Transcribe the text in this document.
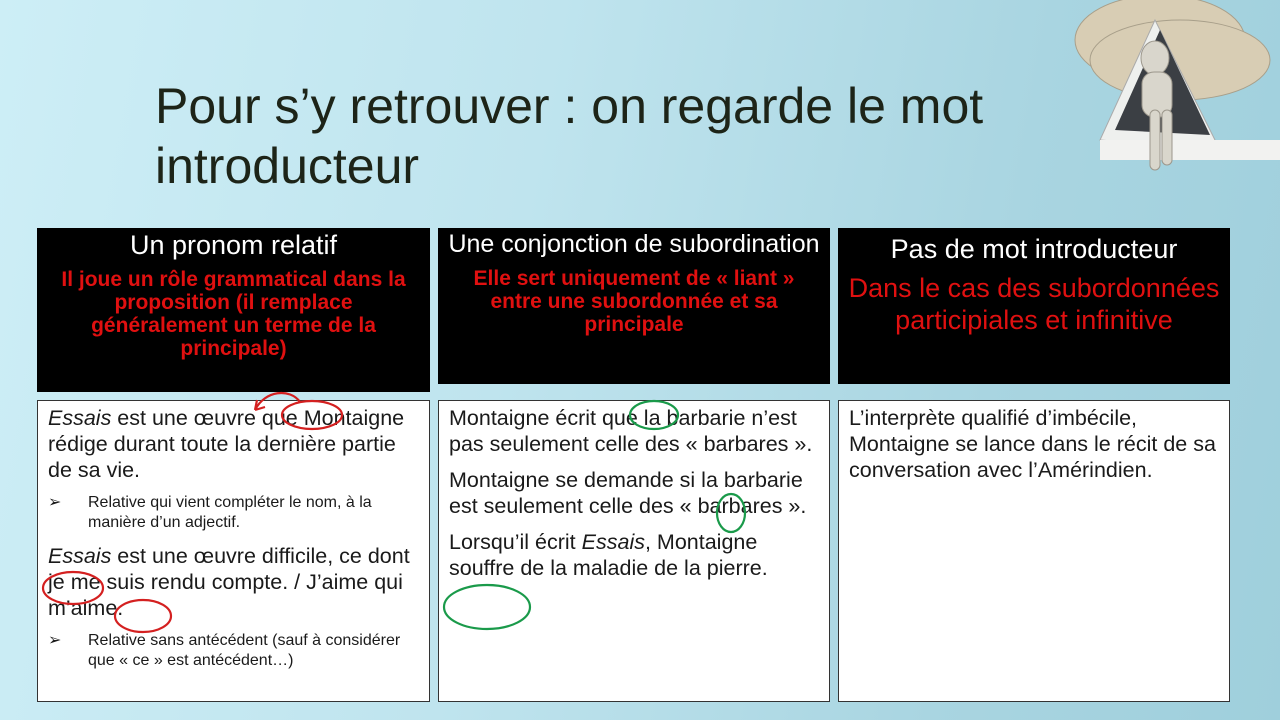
Pour s’y retrouver : on regarde le mot introducteur
Un pronom relatif
Il joue un rôle grammatical dans la proposition (il remplace généralement un terme de la principale)

Essais est une œuvre que Montaigne rédige durant toute la dernière partie de sa vie.

➢	Relative qui vient compléter le nom, à la manière d’un adjectif.

Essais est une œuvre difficile, ce dont je me suis rendu compte. / J’aime qui m’aime.

➢	Relative sans antécédent (sauf à considérer que « ce » est antécédent…)
Une conjonction de subordination
Elle sert uniquement de « liant » entre une subordonnée et sa principale

Montaigne écrit que la barbarie n’est pas seulement celle des « barbares ».

Montaigne se demande si la barbarie est seulement celle des « barbares ».

Lorsqu’il écrit Essais, Montaigne souffre de la maladie de la pierre.

Pas de mot introducteur
Dans le cas des subordonnées participiales et infinitive

L’interprète qualifié d’imbécile, Montaigne se lance dans le récit de sa conversation avec l’Amérindien.
